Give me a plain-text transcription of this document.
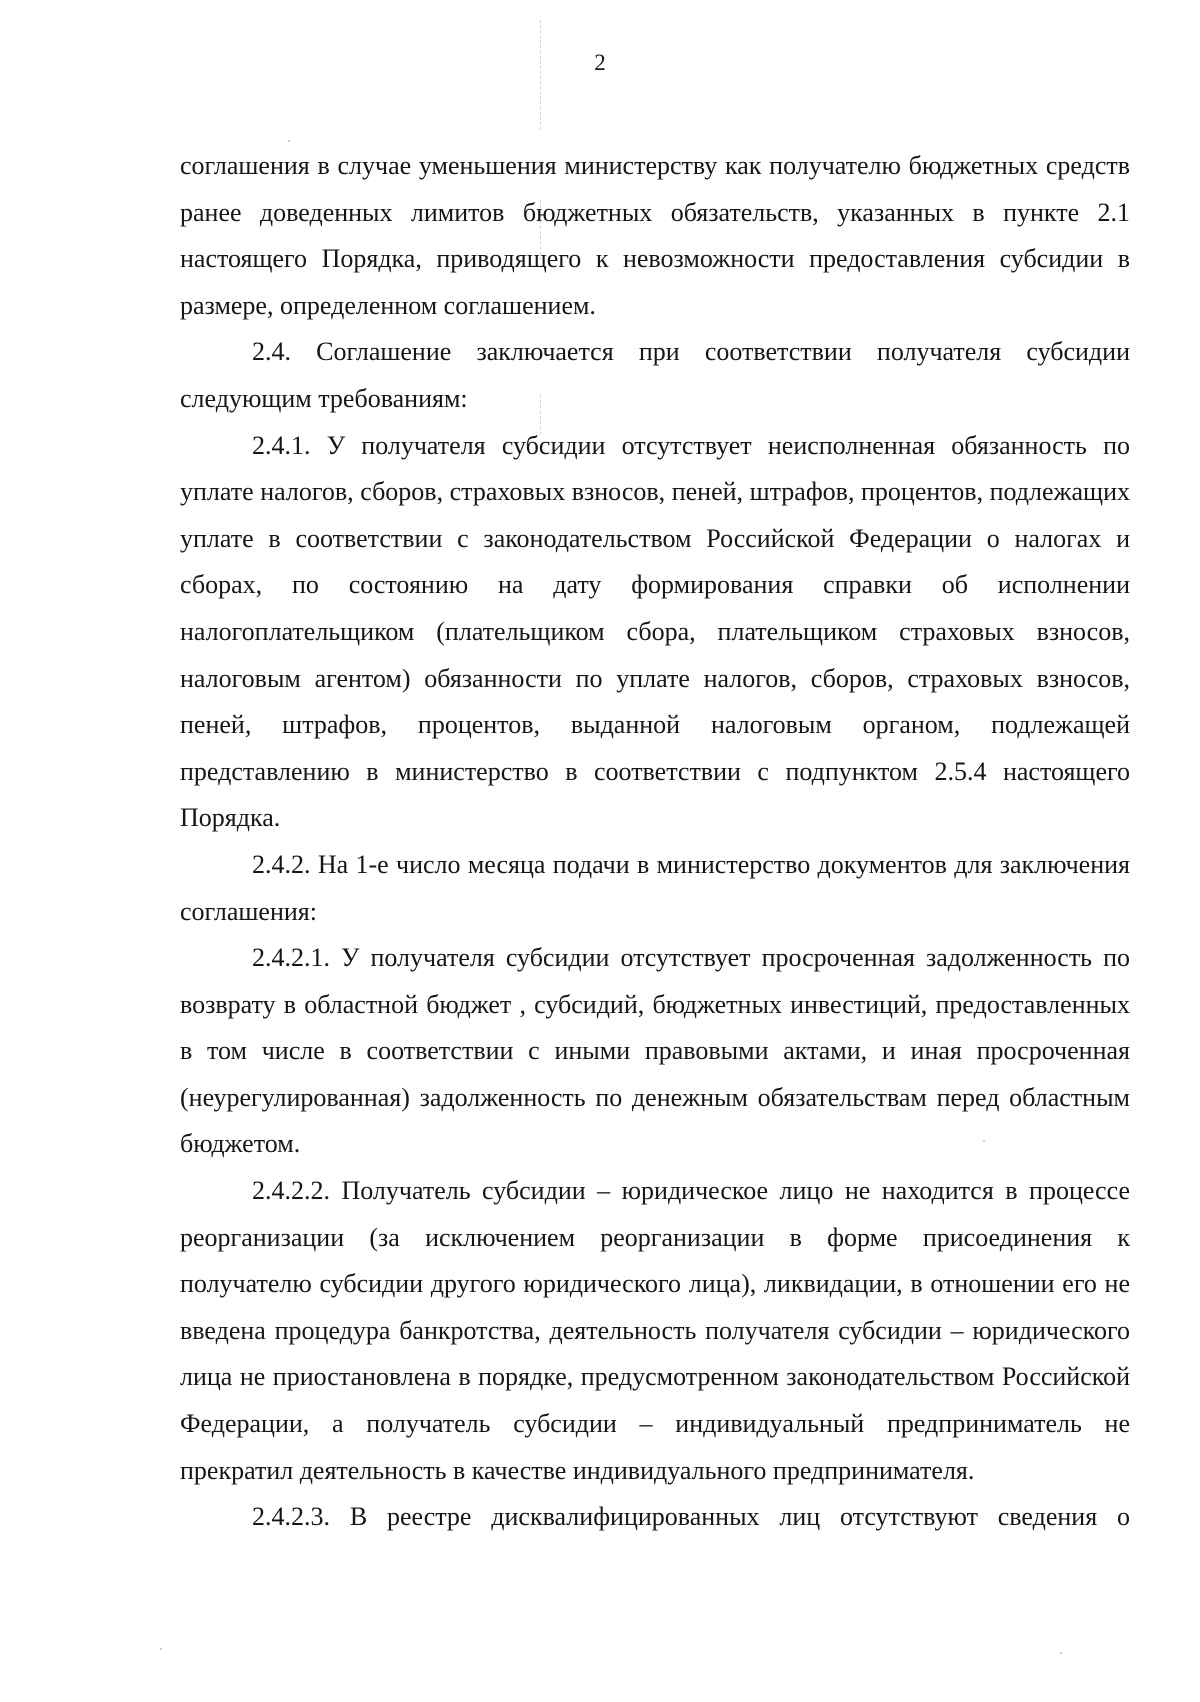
2

соглашения в случае уменьшения министерству как получателю бюджетных средств ранее доведенных лимитов бюджетных обязательств, указанных в пункте 2.1 настоящего Порядка, приводящего к невозможности предоставления субсидии в размере, определенном соглашением.

2.4. Соглашение заключается при соответствии получателя субсидии следующим требованиям:

2.4.1. У получателя субсидии отсутствует неисполненная обязанность по уплате налогов, сборов, страховых взносов, пеней, штрафов, процентов, подлежащих уплате в соответствии с законодательством Российской Федерации о налогах и сборах, по состоянию на дату формирования справки об исполнении налогоплательщиком (плательщиком сбора, плательщиком страховых взносов, налоговым агентом) обязанности по уплате налогов, сборов, страховых взносов, пеней, штрафов, процентов, выданной налоговым органом, подлежащей представлению в министерство в соответствии с подпунктом 2.5.4 настоящего Порядка.

2.4.2. На 1-е число месяца подачи в министерство документов для заключения соглашения:

2.4.2.1. У получателя субсидии отсутствует просроченная задолженность по возврату в областной бюджет , субсидий, бюджетных инвестиций, предоставленных в том числе в соответствии с иными правовыми актами, и иная просроченная (неурегулированная) задолженность по денежным обязательствам перед областным бюджетом.

2.4.2.2. Получатель субсидии – юридическое лицо не находится в процессе реорганизации (за исключением реорганизации в форме присоединения к получателю субсидии другого юридического лица), ликвидации, в отношении его не введена процедура банкротства, деятельность получателя субсидии – юридического лица не приостановлена в порядке, предусмотренном законодательством Российской Федерации, а получатель субсидии – индивидуальный предприниматель не прекратил деятельность в качестве индивидуального предпринимателя.

2.4.2.3. В реестре дисквалифицированных лиц отсутствуют сведения о
